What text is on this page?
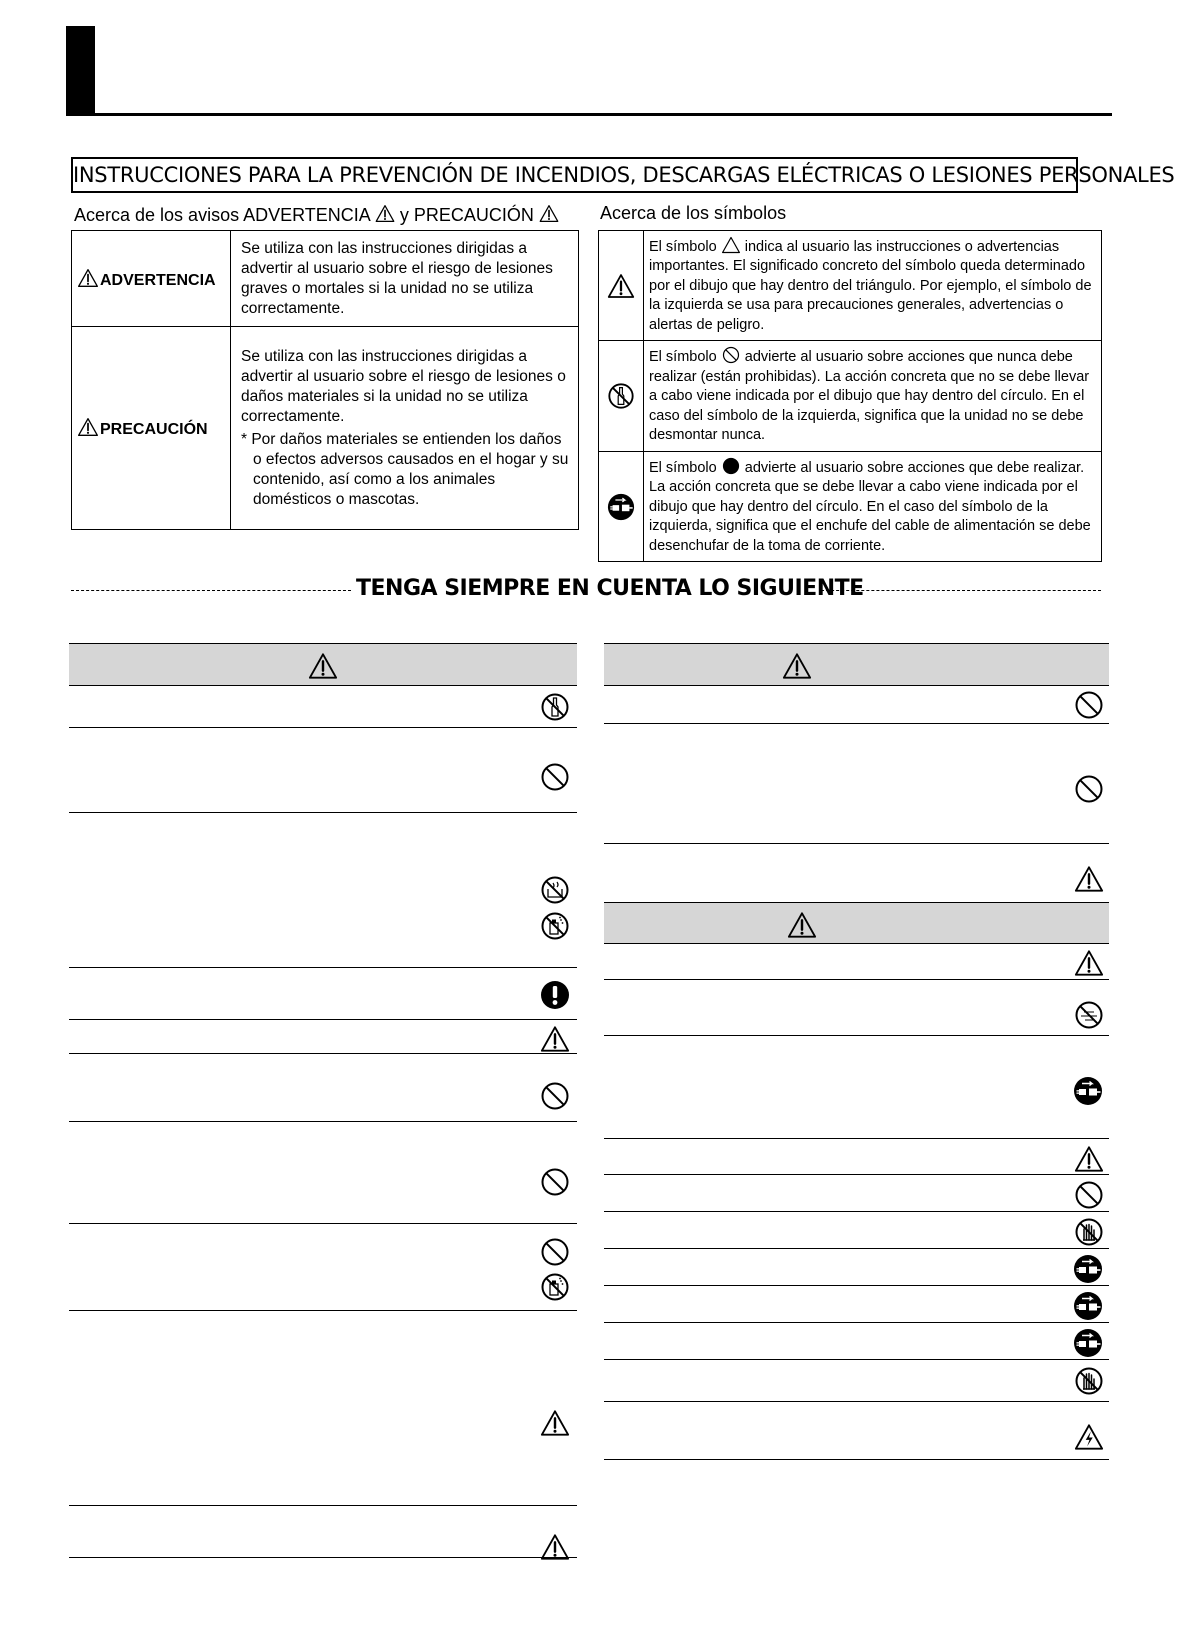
INSTRUCCIONES PARA LA PREVENCIÓN DE INCENDIOS, DESCARGAS ELÉCTRICAS O LESIONES PERSONALES
Acerca de los avisos ADVERTENCIA y PRECAUCIÓN
ADVERTENCIA	Se utiliza con las instrucciones dirigidas a advertir al usuario sobre el riesgo de lesiones graves o mortales si la unidad no se utiliza correctamente.

PRECAUCIÓN	Se utiliza con las instrucciones dirigidas a advertir al usuario sobre el riesgo de lesiones o daños materiales si la unidad no se utiliza correctamente.
* Por daños materiales se entienden los daños o efectos adversos causados en el hogar y su contenido, así como a los animales domésticos o mascotas.
Acerca de los símbolos
	El símbolo indica al usuario las instrucciones o advertencias importantes. El significado concreto del símbolo queda determinado por el dibujo que hay dentro del triángulo. Por ejemplo, el símbolo de la izquierda se usa para precauciones generales, advertencias o alertas de peligro.
	El símbolo advierte al usuario sobre acciones que nunca debe realizar (están prohibidas). La acción concreta que no se debe llevar a cabo viene indicada por el dibujo que hay dentro del círculo. En el caso del símbolo de la izquierda, significa que la unidad no se debe desmontar nunca.
	El símbolo advierte al usuario sobre acciones que debe realizar. La acción concreta que se debe llevar a cabo viene indicada por el dibujo que hay dentro del círculo. En el caso del símbolo de la izquierda, significa que el enchufe del cable de alimentación se debe desenchufar de la toma de corriente.
TENGA SIEMPRE EN CUENTA LO SIGUIENTE
